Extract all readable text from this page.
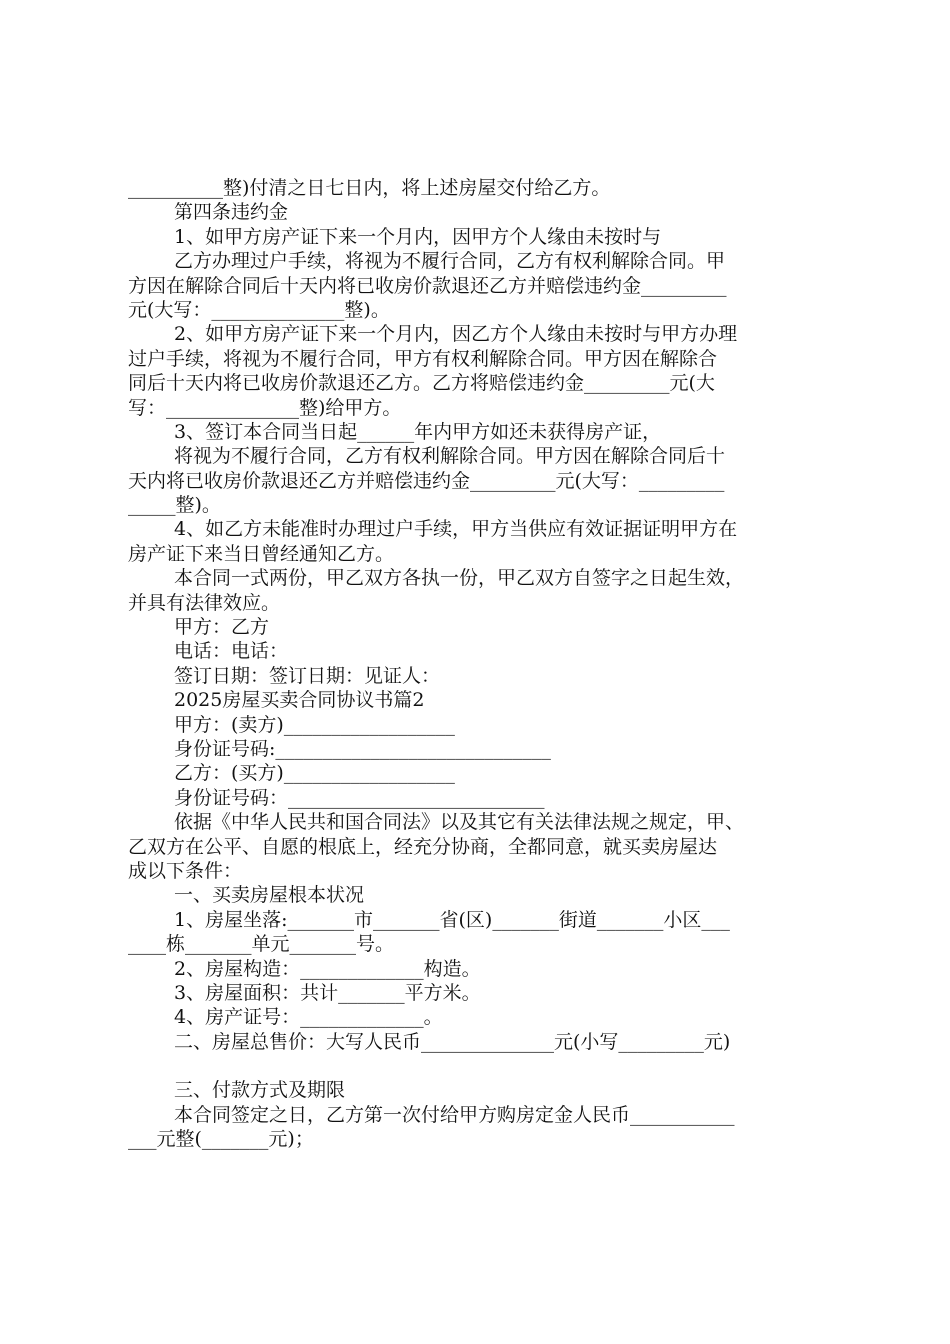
__________整)付清之日七日内，将上述房屋交付给乙方。
第四条违约金
1、如甲方房产证下来一个月内，因甲方个人缘由未按时与
乙方办理过户手续，将视为不履行合同，乙方有权利解除合同。甲
方因在解除合同后十天内将已收房价款退还乙方并赔偿违约金_________
元(大写：______________整)。
2、如甲方房产证下来一个月内，因乙方个人缘由未按时与甲方办理
过户手续，将视为不履行合同，甲方有权利解除合同。甲方因在解除合
同后十天内将已收房价款退还乙方。乙方将赔偿违约金_________元(大
写：______________整)给甲方。
3、签订本合同当日起______年内甲方如还未获得房产证，
将视为不履行合同，乙方有权利解除合同。甲方因在解除合同后十
天内将已收房价款退还乙方并赔偿违约金_________元(大写：_________
_____整)。
4、如乙方未能准时办理过户手续，甲方当供应有效证据证明甲方在
房产证下来当日曾经通知乙方。
本合同一式两份，甲乙双方各执一份，甲乙双方自签字之日起生效，
并具有法律效应。
甲方：乙方
电话：电话：
签订日期：签订日期：见证人：
2025房屋买卖合同协议书篇2
甲方：(卖方)__________________
身份证号码:_____________________________
乙方：(买方)__________________
身份证号码：___________________________
依据《中华人民共和国合同法》以及其它有关法律法规之规定，甲、
乙双方在公平、自愿的根底上，经充分协商，全都同意，就买卖房屋达
成以下条件：
一、买卖房屋根本状况
1、房屋坐落:_______市_______省(区)_______街道_______小区___
____栋_______单元_______号。
2、房屋构造：_____________构造。
3、房屋面积：共计_______平方米。
4、房产证号：_____________。
二、房屋总售价：大写人民币______________元(小写_________元)
三、付款方式及期限
本合同签定之日，乙方第一次付给甲方购房定金人民币___________
___元整(_______元)；
